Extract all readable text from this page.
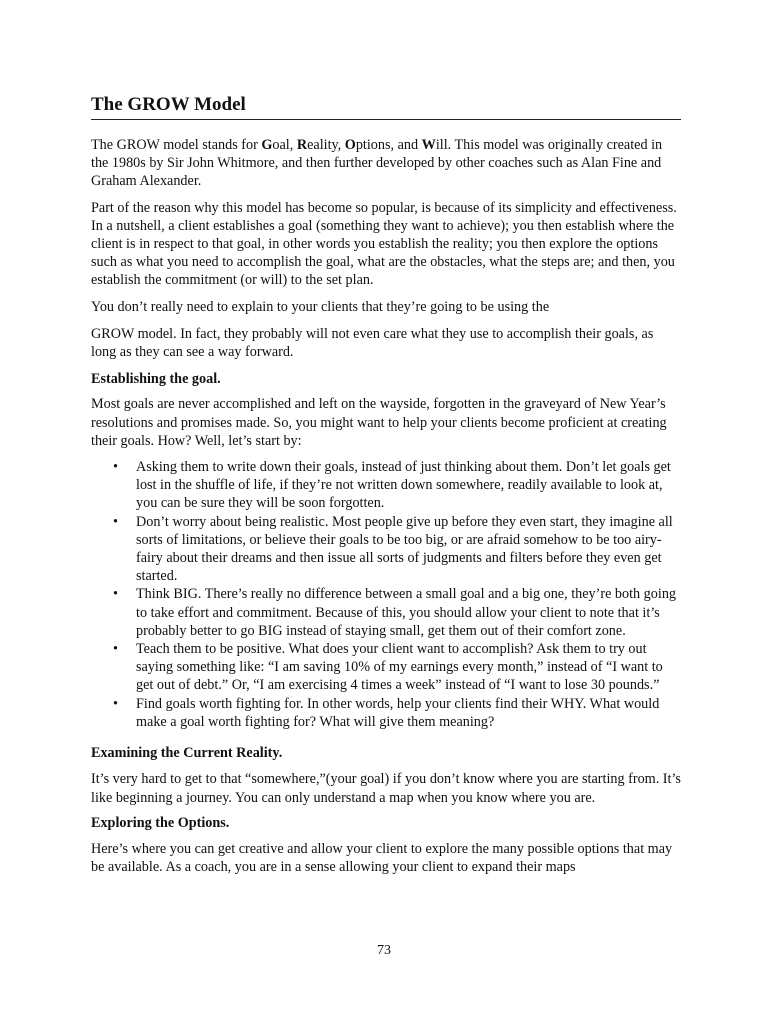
The GROW Model

The GROW model stands for Goal, Reality, Options, and Will. This model was originally created in the 1980s by Sir John Whitmore, and then further developed by other coaches such as Alan Fine and Graham Alexander.

Part of the reason why this model has become so popular, is because of its simplicity and effectiveness. In a nutshell, a client establishes a goal (something they want to achieve); you then establish where the client is in respect to that goal, in other words you establish the reality; you then explore the options such as what you need to accomplish the goal, what are the obstacles, what the steps are; and then, you establish the commitment (or will) to the set plan.

You don’t really need to explain to your clients that they’re going to be using the

GROW model. In fact, they probably will not even care what they use to accomplish their goals, as long as they can see a way forward.

Establishing the goal.

Most goals are never accomplished and left on the wayside, forgotten in the graveyard of New Year’s resolutions and promises made. So, you might want to help your clients become proficient at creating their goals. How? Well, let’s start by:

• Asking them to write down their goals, instead of just thinking about them. Don’t let goals get lost in the shuffle of life, if they’re not written down somewhere, readily available to look at, you can be sure they will be soon forgotten.
• Don’t worry about being realistic. Most people give up before they even start, they imagine all sorts of limitations, or believe their goals to be too big, or are afraid somehow to be too airy-fairy about their dreams and then issue all sorts of judgments and filters before they even get started.
• Think BIG. There’s really no difference between a small goal and a big one, they’re both going to take effort and commitment. Because of this, you should allow your client to note that it’s probably better to go BIG instead of staying small, get them out of their comfort zone.
• Teach them to be positive. What does your client want to accomplish? Ask them to try out saying something like: “I am saving 10% of my earnings every month,” instead of “I want to get out of debt.” Or, “I am exercising 4 times a week” instead of “I want to lose 30 pounds.”
• Find goals worth fighting for. In other words, help your clients find their WHY. What would make a goal worth fighting for? What will give them meaning?

Examining the Current Reality.

It’s very hard to get to that “somewhere,”(your goal) if you don’t know where you are starting from. It’s like beginning a journey. You can only understand a map when you know where you are.

Exploring the Options.

Here’s where you can get creative and allow your client to explore the many possible options that may be available. As a coach, you are in a sense allowing your client to expand their maps

73
